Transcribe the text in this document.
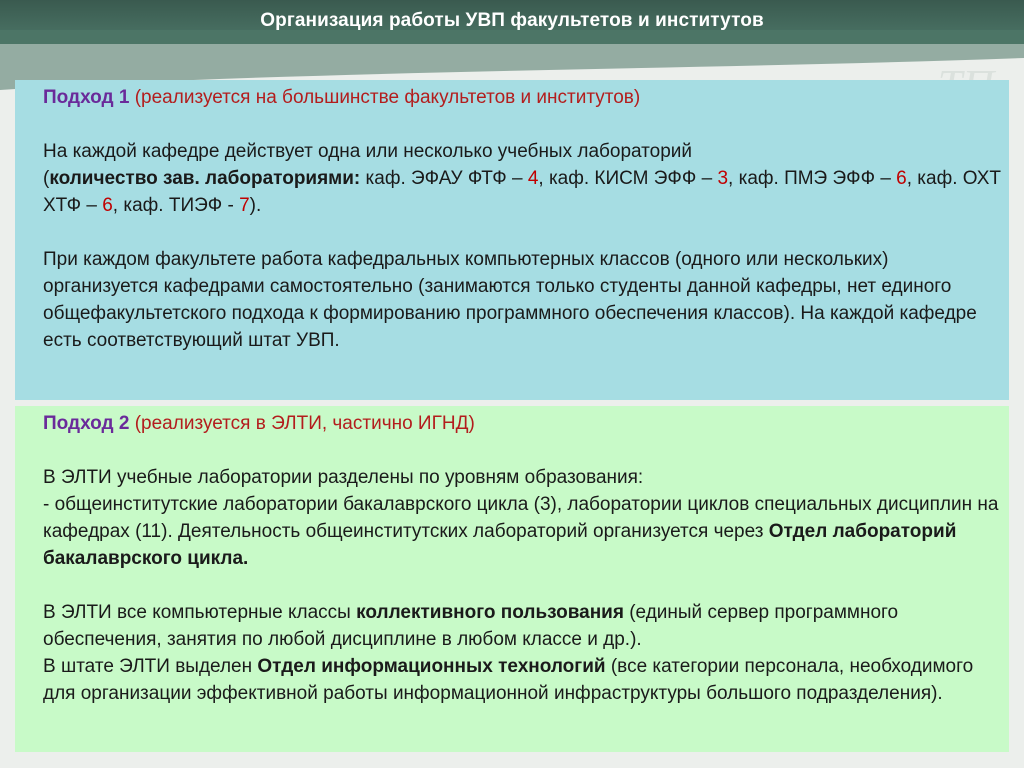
Организация работы УВП факультетов и институтов

Подход 1 (реализуется на большинстве факультетов и институтов)

На каждой кафедре действует одна или несколько учебных лабораторий
(количество зав. лабораториями: каф. ЭФАУ ФТФ – 4, каф. КИСМ ЭФФ – 3, каф. ПМЭ ЭФФ – 6, каф. ОХТ ХТФ – 6, каф. ТИЭФ - 7).

При каждом факультете работа кафедральных компьютерных классов (одного или нескольких) организуется кафедрами самостоятельно (занимаются только студенты данной кафедры, нет единого общефакультетского подхода к формированию программного обеспечения классов). На каждой кафедре есть соответствующий штат УВП.

Подход 2 (реализуется в ЭЛТИ, частично ИГНД)

В ЭЛТИ учебные лаборатории разделены по уровням образования:
- общеинститутские лаборатории бакалаврского цикла (3), лаборатории циклов специальных дисциплин на кафедрах (11). Деятельность общеинститутских лабораторий организуется через Отдел лабораторий бакалаврского цикла.

В ЭЛТИ все компьютерные классы коллективного пользования (единый сервер программного обеспечения, занятия по любой дисциплине в любом классе и др.).
В штате ЭЛТИ выделен Отдел информационных технологий (все категории персонала, необходимого для организации эффективной работы информационной инфраструктуры большого подразделения).
